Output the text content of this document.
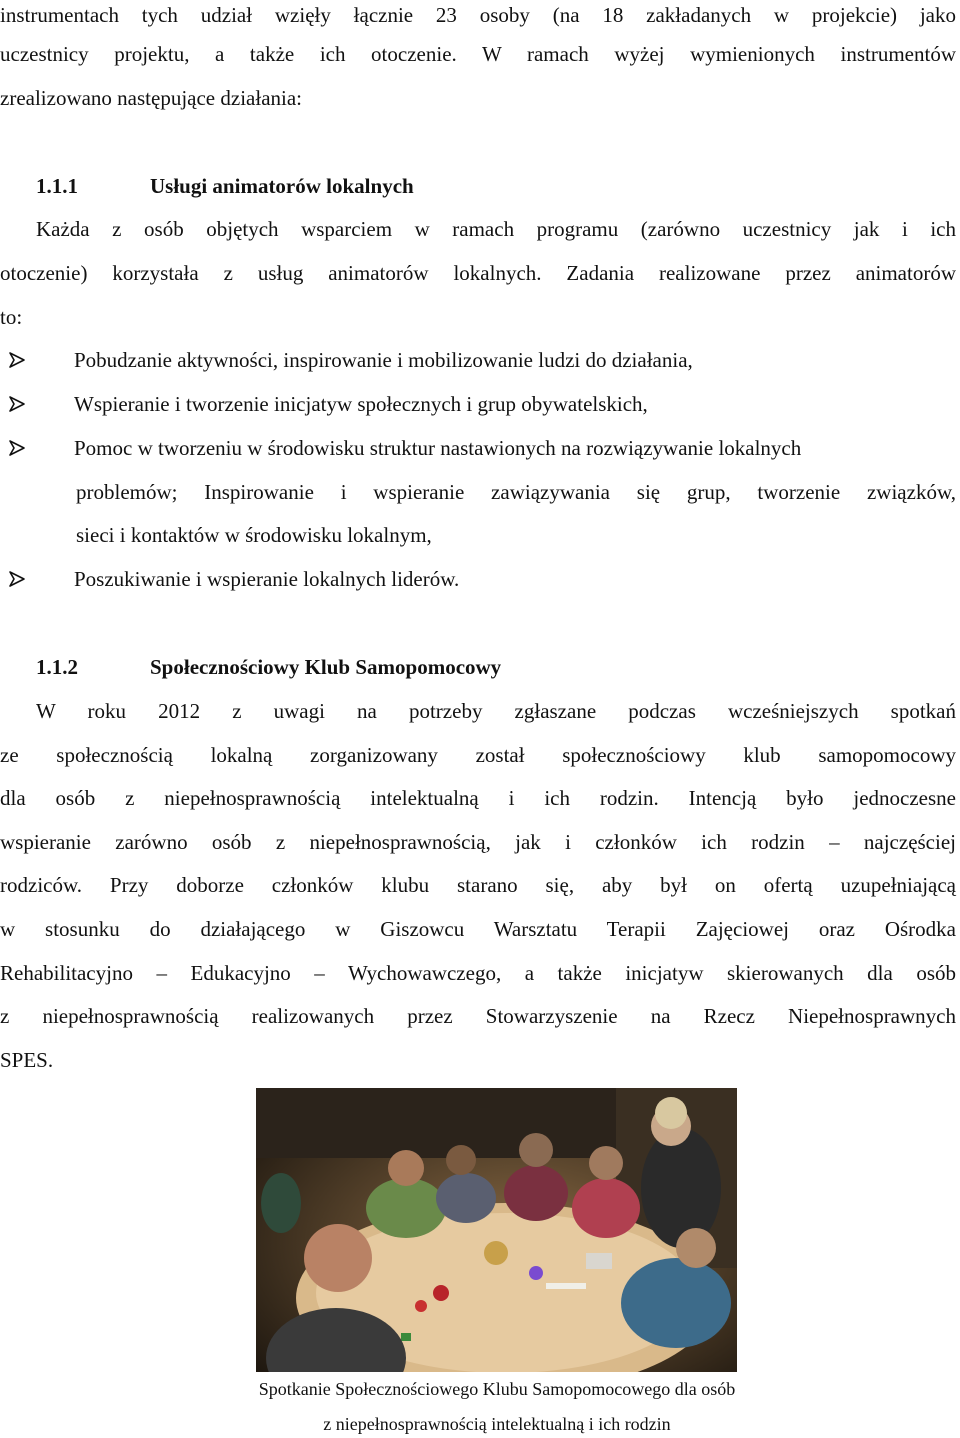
instrumentach tych udział wzięły łącznie 23 osoby (na 18 zakładanych w projekcie) jako
uczestnicy projektu, a także ich otoczenie. W ramach wyżej wymienionych instrumentów
zrealizowano następujące działania:
1.1.1	Usługi animatorów lokalnych
Każda z osób objętych wsparciem w ramach programu (zarówno uczestnicy jak i ich
otoczenie) korzystała z usług animatorów lokalnych. Zadania realizowane przez animatorów
to:
Pobudzanie aktywności, inspirowanie i mobilizowanie ludzi do działania,
Wspieranie i tworzenie inicjatyw społecznych i grup obywatelskich,
Pomoc w tworzeniu w środowisku struktur nastawionych na rozwiązywanie lokalnych
problemów; Inspirowanie i wspieranie zawiązywania się grup, tworzenie związków,
sieci i kontaktów w środowisku lokalnym,
Poszukiwanie i wspieranie lokalnych liderów.
1.1.2	Społecznościowy Klub Samopomocowy
W roku 2012 z uwagi na potrzeby zgłaszane podczas wcześniejszych spotkań
ze społecznością lokalną zorganizowany został społecznościowy klub samopomocowy
dla osób z niepełnosprawnością intelektualną i ich rodzin. Intencją było jednoczesne
wspieranie zarówno osób z niepełnosprawnością, jak i członków ich rodzin – najczęściej
rodziców. Przy doborze członków klubu starano się, aby był on ofertą uzupełniającą
w stosunku do działającego w Giszowcu Warsztatu Terapii Zajęciowej oraz Ośrodka
Rehabilitacyjno – Edukacyjno – Wychowawczego, a także inicjatyw skierowanych dla osób
z niepełnosprawnością realizowanych przez Stowarzyszenie na Rzecz Niepełnosprawnych
SPES.
Spotkanie Społecznościowego Klubu Samopomocowego dla osób
z niepełnosprawnością intelektualną i ich rodzin
